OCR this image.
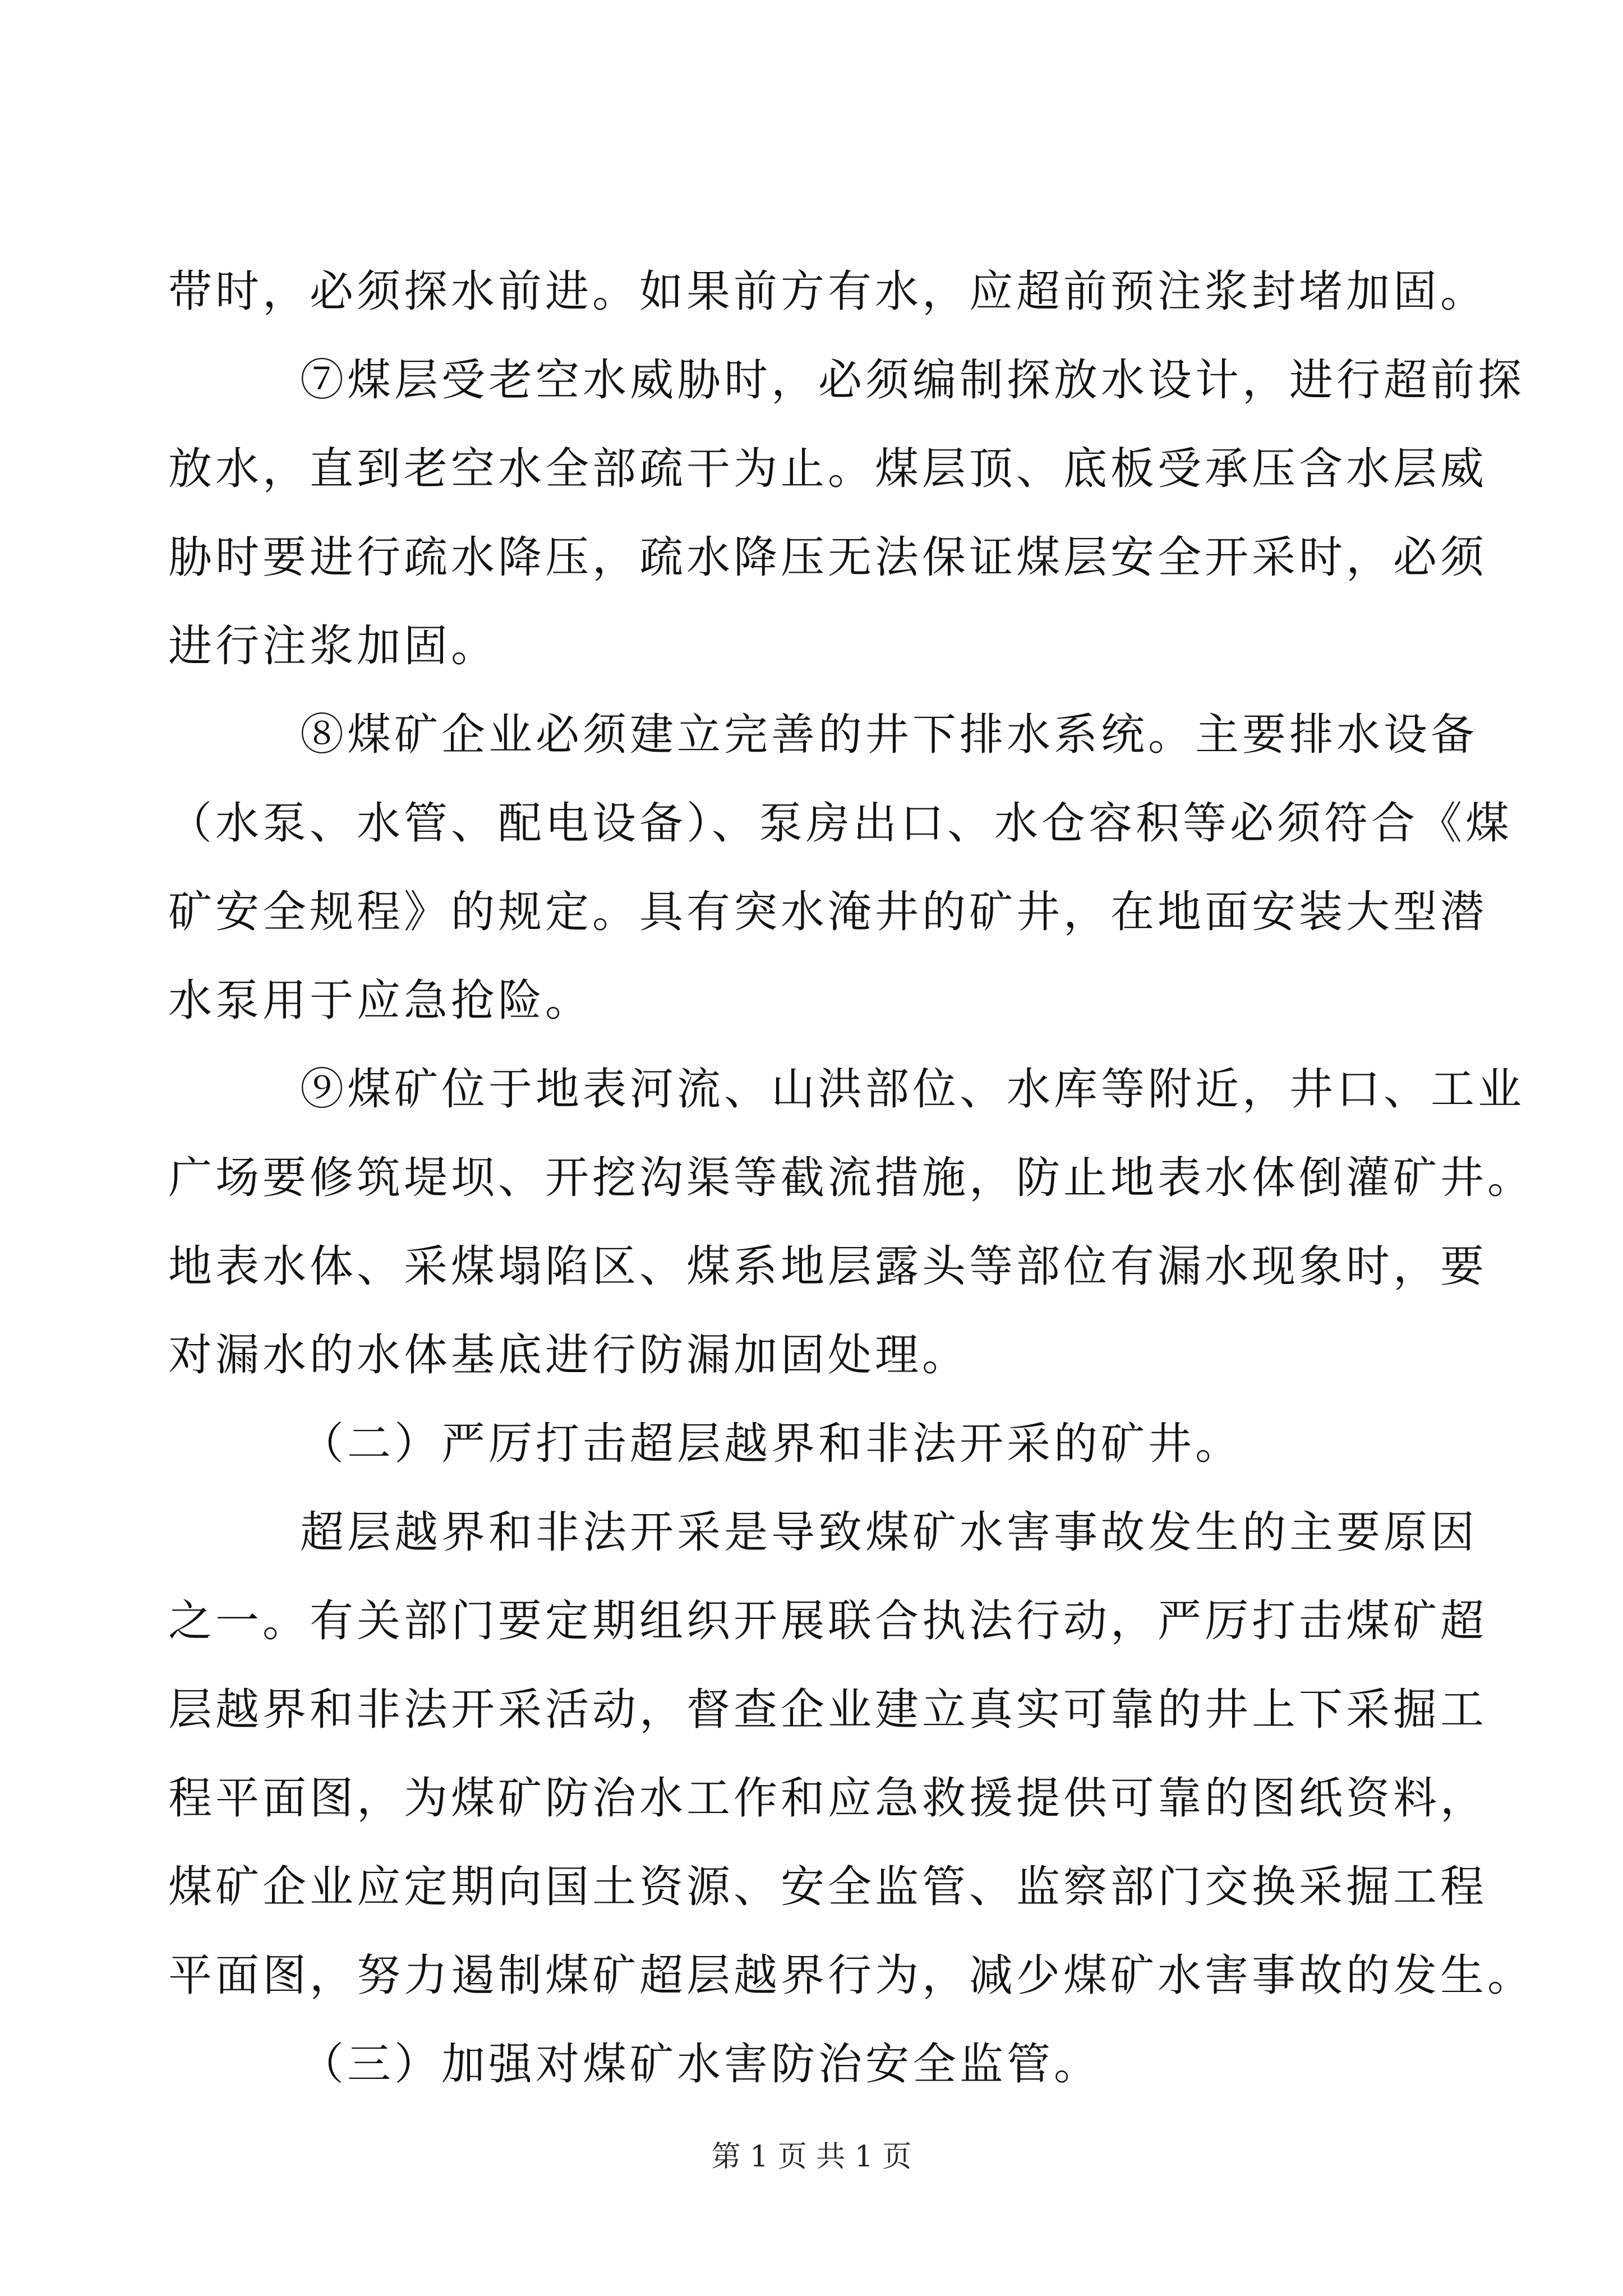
带时，必须探水前进。如果前方有水，应超前预注浆封堵加固。
⑦煤层受老空水威胁时，必须编制探放水设计，进行超前探
放水，直到老空水全部疏干为止。煤层顶、底板受承压含水层威
胁时要进行疏水降压，疏水降压无法保证煤层安全开采时，必须
进行注浆加固。
⑧煤矿企业必须建立完善的井下排水系统。主要排水设备
（水泵、水管、配电设备）、泵房出口、水仓容积等必须符合《煤
矿安全规程》的规定。具有突水淹井的矿井，在地面安装大型潜
水泵用于应急抢险。
⑨煤矿位于地表河流、山洪部位、水库等附近，井口、工业
广场要修筑堤坝、开挖沟渠等截流措施，防止地表水体倒灌矿井。
地表水体、采煤塌陷区、煤系地层露头等部位有漏水现象时，要
对漏水的水体基底进行防漏加固处理。
（二）严厉打击超层越界和非法开采的矿井。
超层越界和非法开采是导致煤矿水害事故发生的主要原因
之一。有关部门要定期组织开展联合执法行动，严厉打击煤矿超
层越界和非法开采活动，督查企业建立真实可靠的井上下采掘工
程平面图，为煤矿防治水工作和应急救援提供可靠的图纸资料，
煤矿企业应定期向国土资源、安全监管、监察部门交换采掘工程
平面图，努力遏制煤矿超层越界行为，减少煤矿水害事故的发生。
（三）加强对煤矿水害防治安全监管。
第 1 页 共 1 页
